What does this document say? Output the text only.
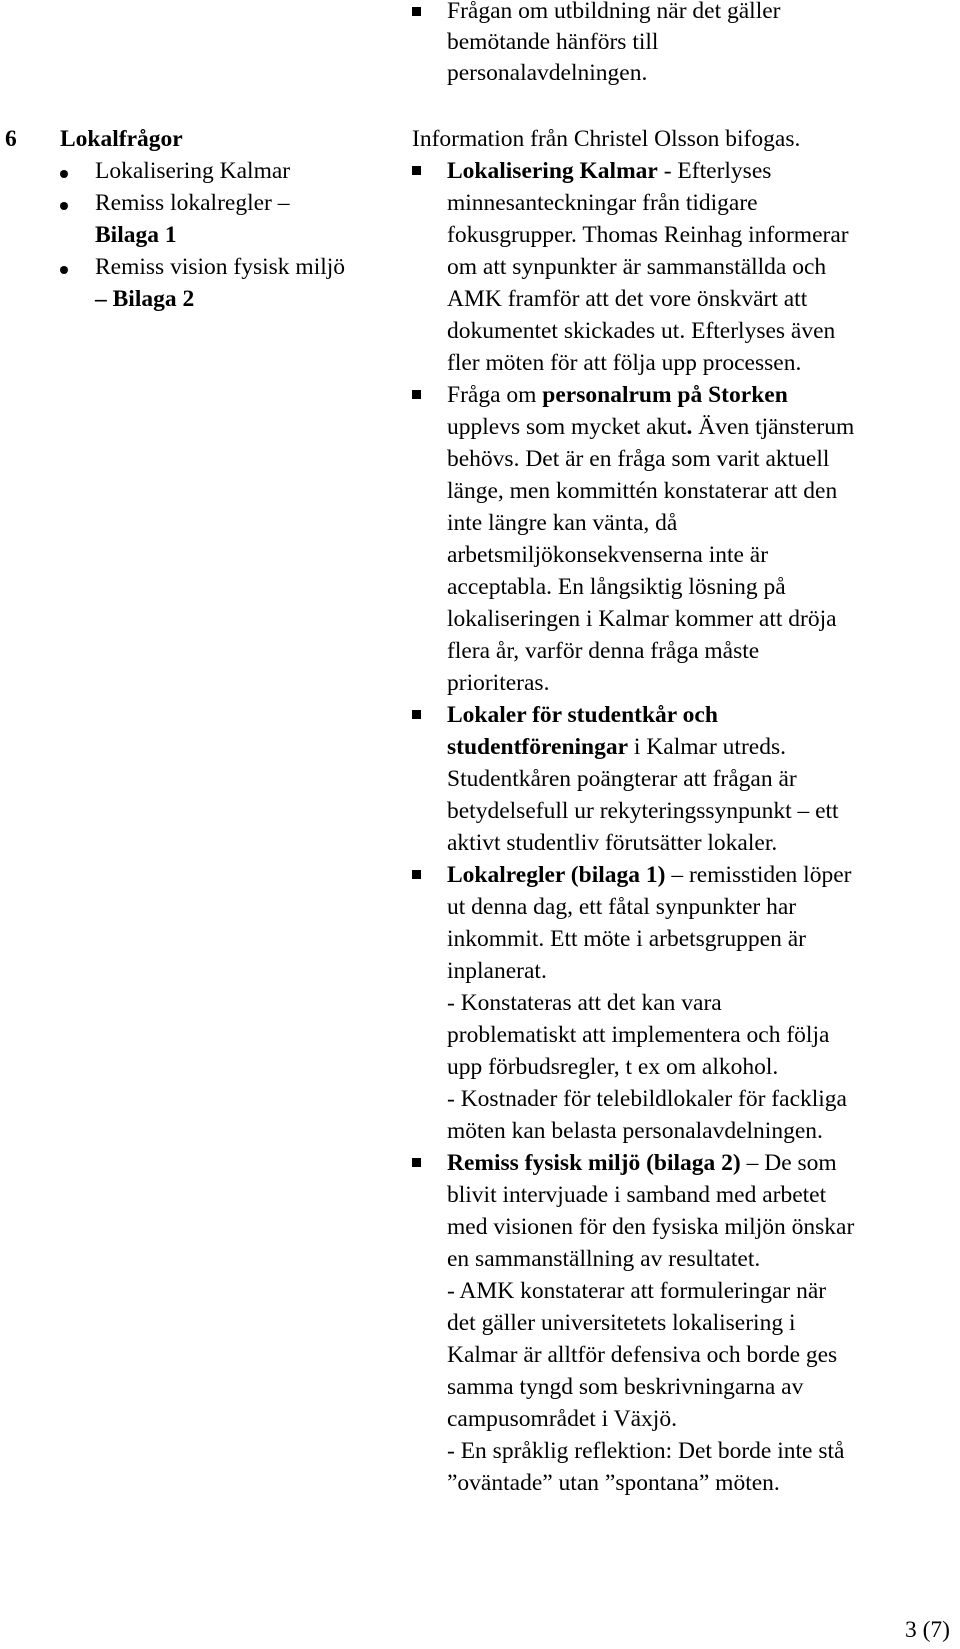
Frågan om utbildning när det gäller
bemötande hänförs till
personalavdelningen.
6 Lokalfrågor
Lokalisering Kalmar
Remiss lokalregler –
Bilaga 1
Remiss vision fysisk miljö
– Bilaga 2
Information från Christel Olsson bifogas.
Lokalisering Kalmar - Efterlyses
minnesanteckningar från tidigare
fokusgrupper. Thomas Reinhag informerar
om att synpunkter är sammanställda och
AMK framför att det vore önskvärt att
dokumentet skickades ut. Efterlyses även
fler möten för att följa upp processen.
Fråga om personalrum på Storken
upplevs som mycket akut. Även tjänsterum
behövs. Det är en fråga som varit aktuell
länge, men kommittén konstaterar att den
inte längre kan vänta, då
arbetsmiljökonsekvenserna inte är
acceptabla. En långsiktig lösning på
lokaliseringen i Kalmar kommer att dröja
flera år, varför denna fråga måste
prioriteras.
Lokaler för studentkår och
studentföreningar i Kalmar utreds.
Studentkåren poängterar att frågan är
betydelsefull ur rekyteringssynpunkt – ett
aktivt studentliv förutsätter lokaler.
Lokalregler (bilaga 1) – remisstiden löper
ut denna dag, ett fåtal synpunkter har
inkommit. Ett möte i arbetsgruppen är
inplanerat.
- Konstateras att det kan vara
problematiskt att implementera och följa
upp förbudsregler, t ex om alkohol.
- Kostnader för telebildlokaler för fackliga
möten kan belasta personalavdelningen.
Remiss fysisk miljö (bilaga 2) – De som
blivit intervjuade i samband med arbetet
med visionen för den fysiska miljön önskar
en sammanställning av resultatet.
- AMK konstaterar att formuleringar när
det gäller universitetets lokalisering i
Kalmar är alltför defensiva och borde ges
samma tyngd som beskrivningarna av
campusområdet i Växjö.
- En språklig reflektion: Det borde inte stå
”oväntade” utan ”spontana” möten.
3 (7)
